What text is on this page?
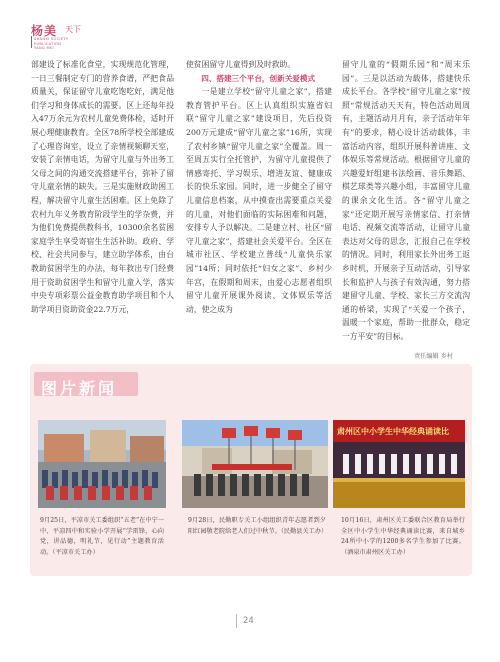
杨美 天下
SHANXI SOCIETY
PUBLICATION
YANG MEI

部建设了标准化食堂，实现规范化管理，一日三餐制定专门的营养食谱，严把食品质量关，保证留守儿童吃饱吃好，满足他们学习和身体成长的需要。区上还每年投入47万余元为农村儿童免费体检，适时开展心理健康教育。全区78所学校全部建成了心理咨询室，设立了亲情视频聊天室，安装了亲情电话，为留守儿童与外出务工父母之间的沟通交流搭建平台，弥补了留守儿童亲情的缺失。三是实施财政助困工程，解决留守儿童生活困难。区上免除了农村九年义务教育阶段学生的学杂费，并为他们免费提供教科书，10300余名贫困家庭学生享受寄宿生生活补助。政府、学校、社会共同参与，建立助学体系，由台教助贫困学生的办法，每年救出专门经费用于资助贫困学生和留守儿童入学，落实中央专项彩票公益金教育助学项目和个人助学项目资助资金22.7万元，

使贫困留守儿童得到及时救助。

四、搭建三个平台，创新关爱模式

一是建立学校“留守儿童之家”，搭建教育管护平台。区上认真组织实施省妇联“留守儿童之家”建设项目，先后投资200万元建成“留守儿童之家”16所，实现了农村乡镇“留守儿童之家”全覆盖。周一至周五实行全托管护，为留守儿童提供了情感寄托、学习娱乐、增进友谊、健康成长的快乐家园。同时，进一步健全了留守儿童信息档案，从中摸查出需要重点关爱的儿童，对他们面临的实际困难和问题，安排专人予以解决。二是建立村、社区“留守儿童之家”，搭建社会关爱平台。全区在城市社区、学校建立普线“儿童快乐家园”14所；同时依托“妇女之家”、乡村少年宫，在假期和周末，由爱心志愿者组织留守儿童开展课外阅读、文体娱乐等活动，使之成为

留守儿童的“假期乐园”和“周末乐园”。三是以活动为载体，搭建快乐成长平台。各学校“留守儿童之家”按照“常规活动天天有，特色活动周周有，主题活动月月有，亲子活动年年有”的要求，精心设计活动载体，丰富活动内容，组织开展科普讲座、文体娱乐等常规活动。根据留守儿童的兴趣爱好组建书法绘画、音乐舞蹈、棋艺球类等兴趣小组，丰富留守儿童的课余文化生活。各“留守儿童之家”还定期开展写亲情家信、打亲情电话、视频交流等活动，让留守儿童表达对父母的思念，汇报自己在学校的情况。同时，利用家长外出务工返乡时机，开展亲子互动活动，引导家长和监护人与孩子有效沟通，努力搭建留守儿童、学校、家长三方交流沟通的桥梁，实现了“关爱一个孩子，温暖一个家庭，帮助一批群众，稳定一方平安”的目标。

责任编辑 乡村
图片新闻
肃州区中小学生中华经典诵读比
9月25日，平凉市关工委组织“五老”在中宁一中、平凉四中和实验小学开展“学雷锋，心向党，讲品德，明礼节，见行动”主题教育活动。（平凉市关工办）
9月28日，民勤职专关工小组组织青年志愿者到夕阳红园敬老院给老人们过中秋节。（民勤县关工办）
10月16日，肃州区关工委联合区教育局举行全区中小学生中华经典诵读比赛，来自城乡24所中小学的1200多名学生参加了比赛。（酒泉市肃州区关工办）
24
